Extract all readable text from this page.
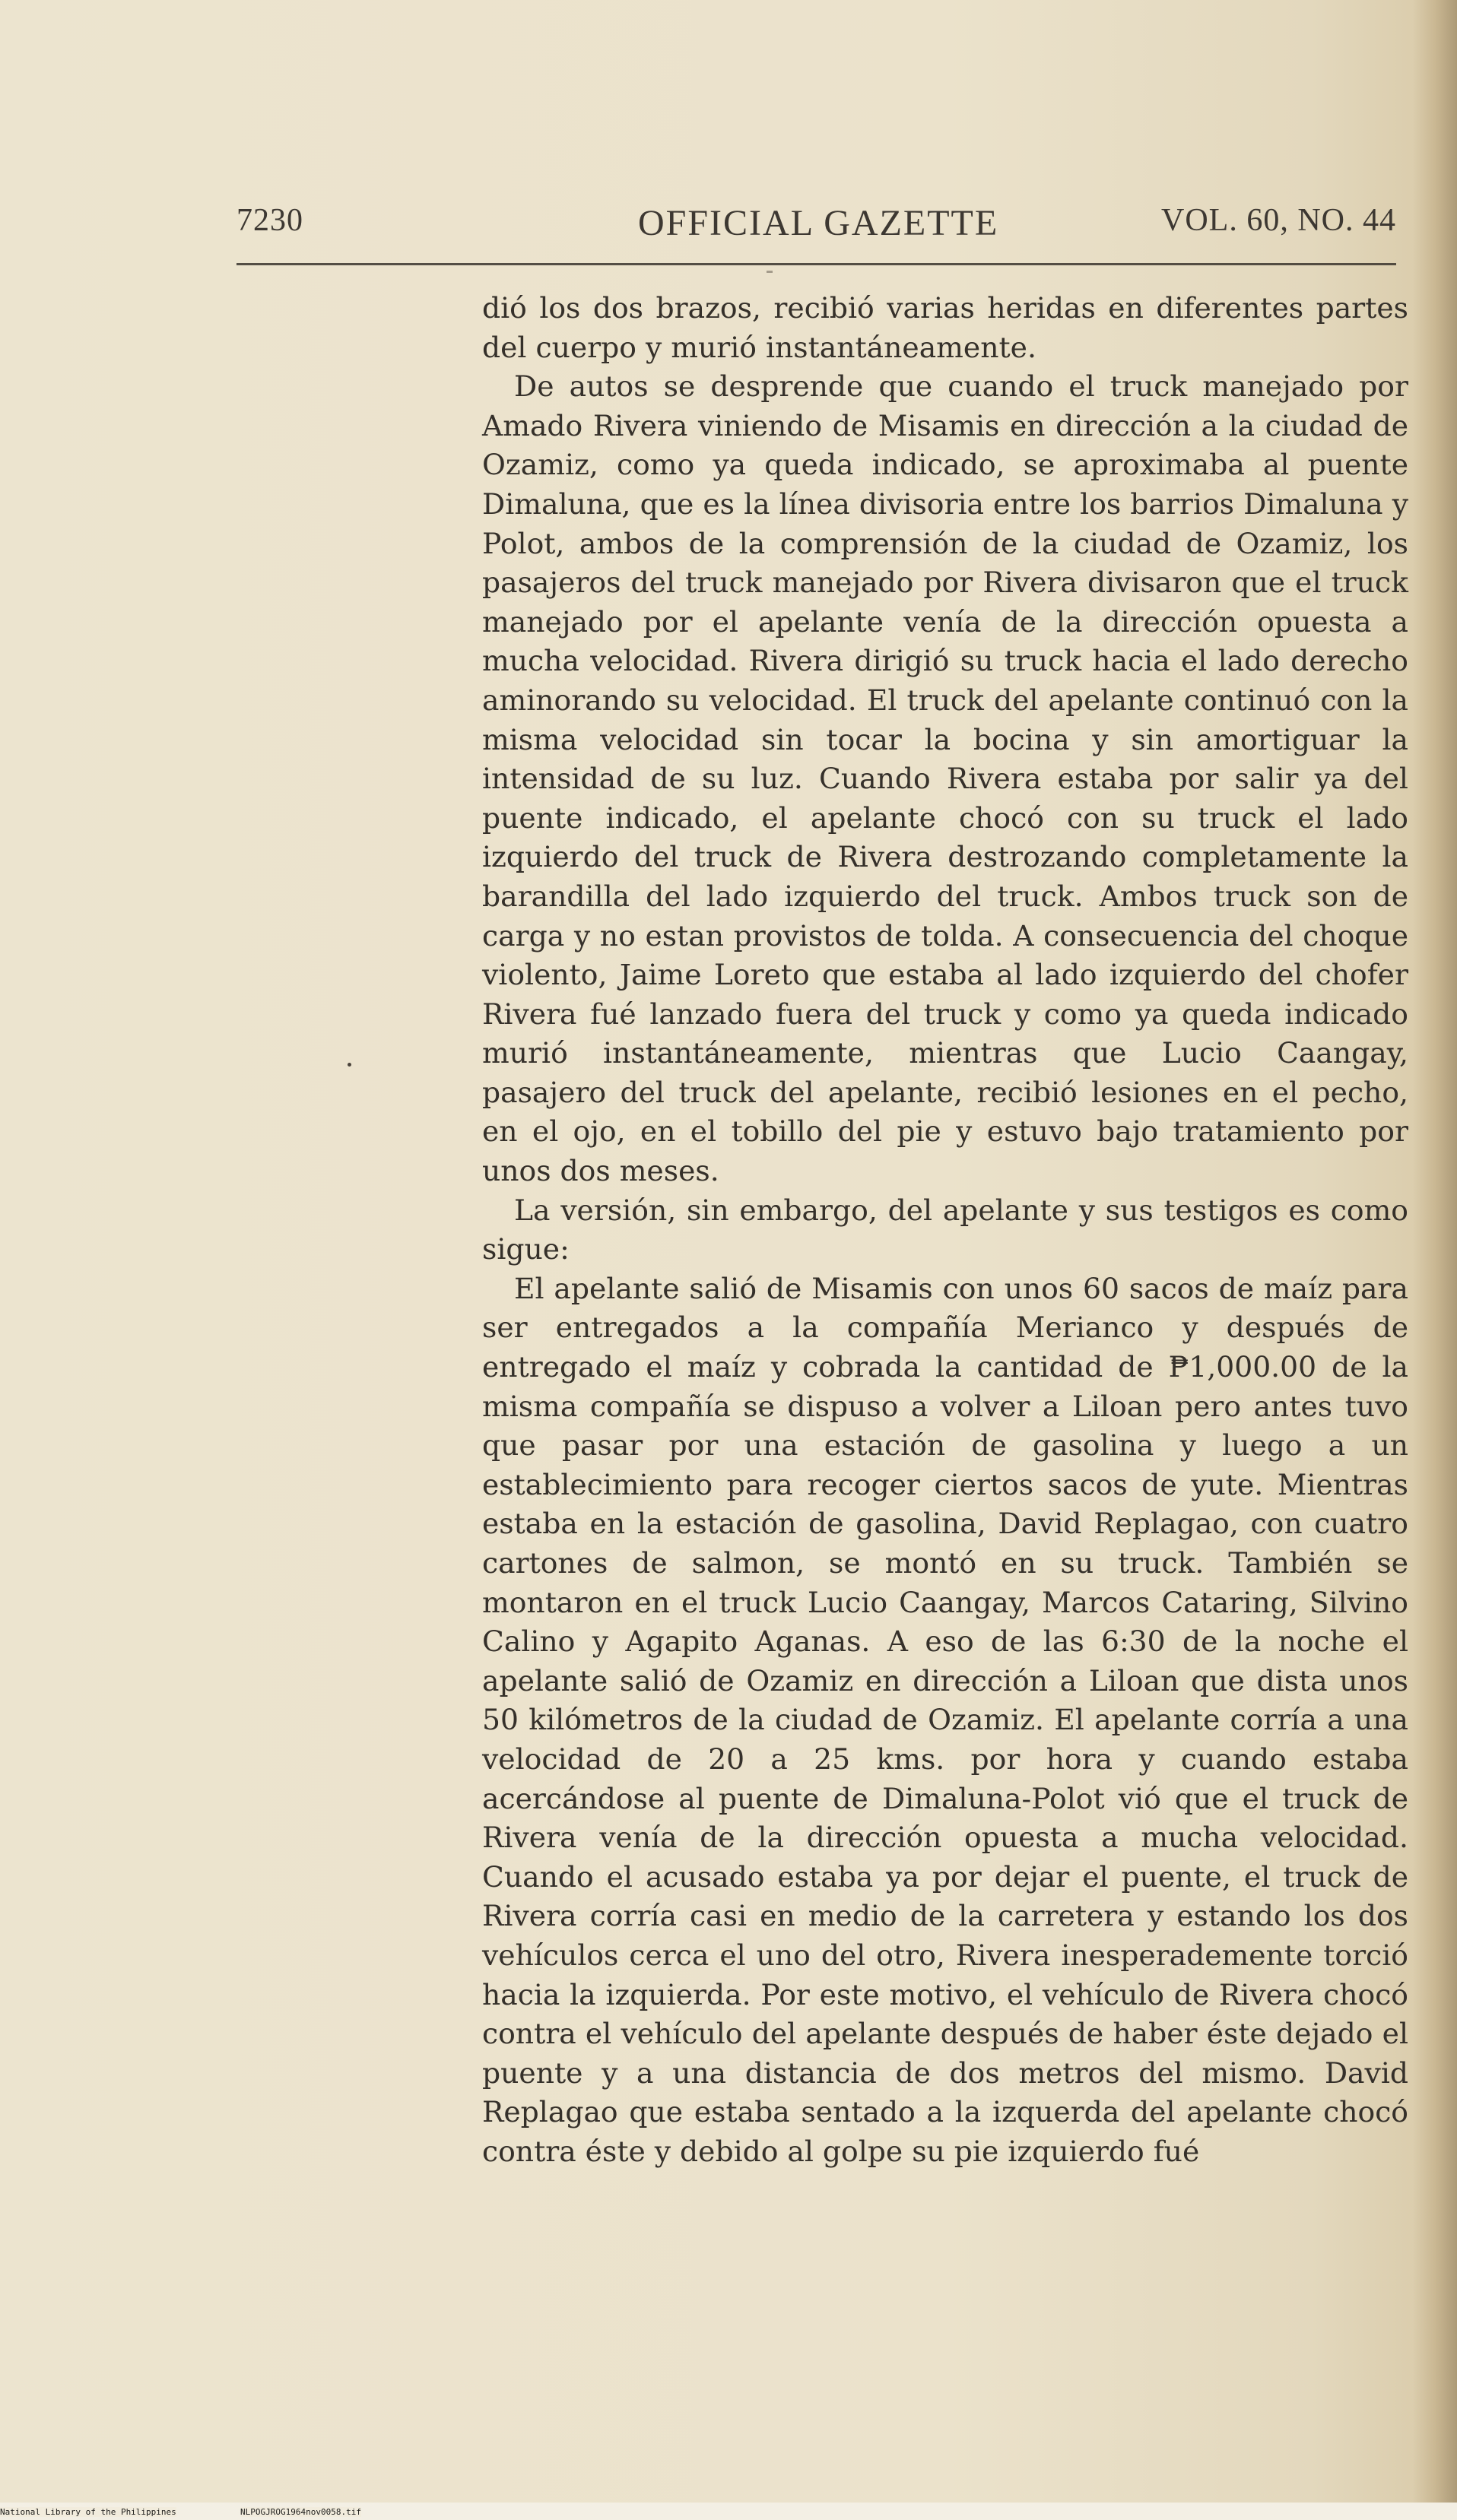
7230	OFFICIAL GAZETTE	VOL. 60, NO. 44

dió los dos brazos, recibió varias heridas en diferentes partes del cuerpo y murió instantáneamente.

De autos se desprende que cuando el truck manejado por Amado Rivera viniendo de Misamis en dirección a la ciudad de Ozamiz, como ya queda indicado, se aproximaba al puente Dimaluna, que es la línea divisoria entre los barrios Dimaluna y Polot, ambos de la comprensión de la ciudad de Ozamiz, los pasajeros del truck manejado por Rivera divisaron que el truck manejado por el apelante venía de la dirección opuesta a mucha velocidad. Rivera dirigió su truck hacia el lado derecho aminorando su velocidad. El truck del apelante continuó con la misma velocidad sin tocar la bocina y sin amortiguar la intensidad de su luz. Cuando Rivera estaba por salir ya del puente indicado, el apelante chocó con su truck el lado izquierdo del truck de Rivera destrozando completamente la barandilla del lado izquierdo del truck. Ambos truck son de carga y no estan provistos de tolda. A consecuencia del choque violento, Jaime Loreto que estaba al lado izquierdo del chofer Rivera fué lanzado fuera del truck y como ya queda indicado murió instantáneamente, mientras que Lucio Caangay, pasajero del truck del apelante, recibió lesiones en el pecho, en el ojo, en el tobillo del pie y estuvo bajo tratamiento por unos dos meses.

La versión, sin embargo, del apelante y sus testigos es como sigue:

El apelante salió de Misamis con unos 60 sacos de maíz para ser entregados a la compañía Merianco y después de entregado el maíz y cobrada la cantidad de ₱1,000.00 de la misma compañía se dispuso a volver a Liloan pero antes tuvo que pasar por una estación de gasolina y luego a un establecimiento para recoger ciertos sacos de yute. Mientras estaba en la estación de gasolina, David Replagao, con cuatro cartones de salmon, se montó en su truck. También se montaron en el truck Lucio Caangay, Marcos Cataring, Silvino Calino y Agapito Aganas. A eso de las 6:30 de la noche el apelante salió de Ozamiz en dirección a Liloan que dista unos 50 kilómetros de la ciudad de Ozamiz. El apelante corría a una velocidad de 20 a 25 kms. por hora y cuando estaba acercándose al puente de Dimaluna-Polot vió que el truck de Rivera venía de la dirección opuesta a mucha velocidad. Cuando el acusado estaba ya por dejar el puente, el truck de Rivera corría casi en medio de la carretera y estando los dos vehículos cerca el uno del otro, Rivera inesperademente torció hacia la izquierda. Por este motivo, el vehículo de Rivera chocó contra el vehículo del apelante después de haber éste dejado el puente y a una distancia de dos metros del mismo. David Replagao que estaba sentado a la izquerda del apelante chocó contra éste y debido al golpe su pie izquierdo fué

National Library of the Philippines	NLPOGJROG1964nov0058.tif
